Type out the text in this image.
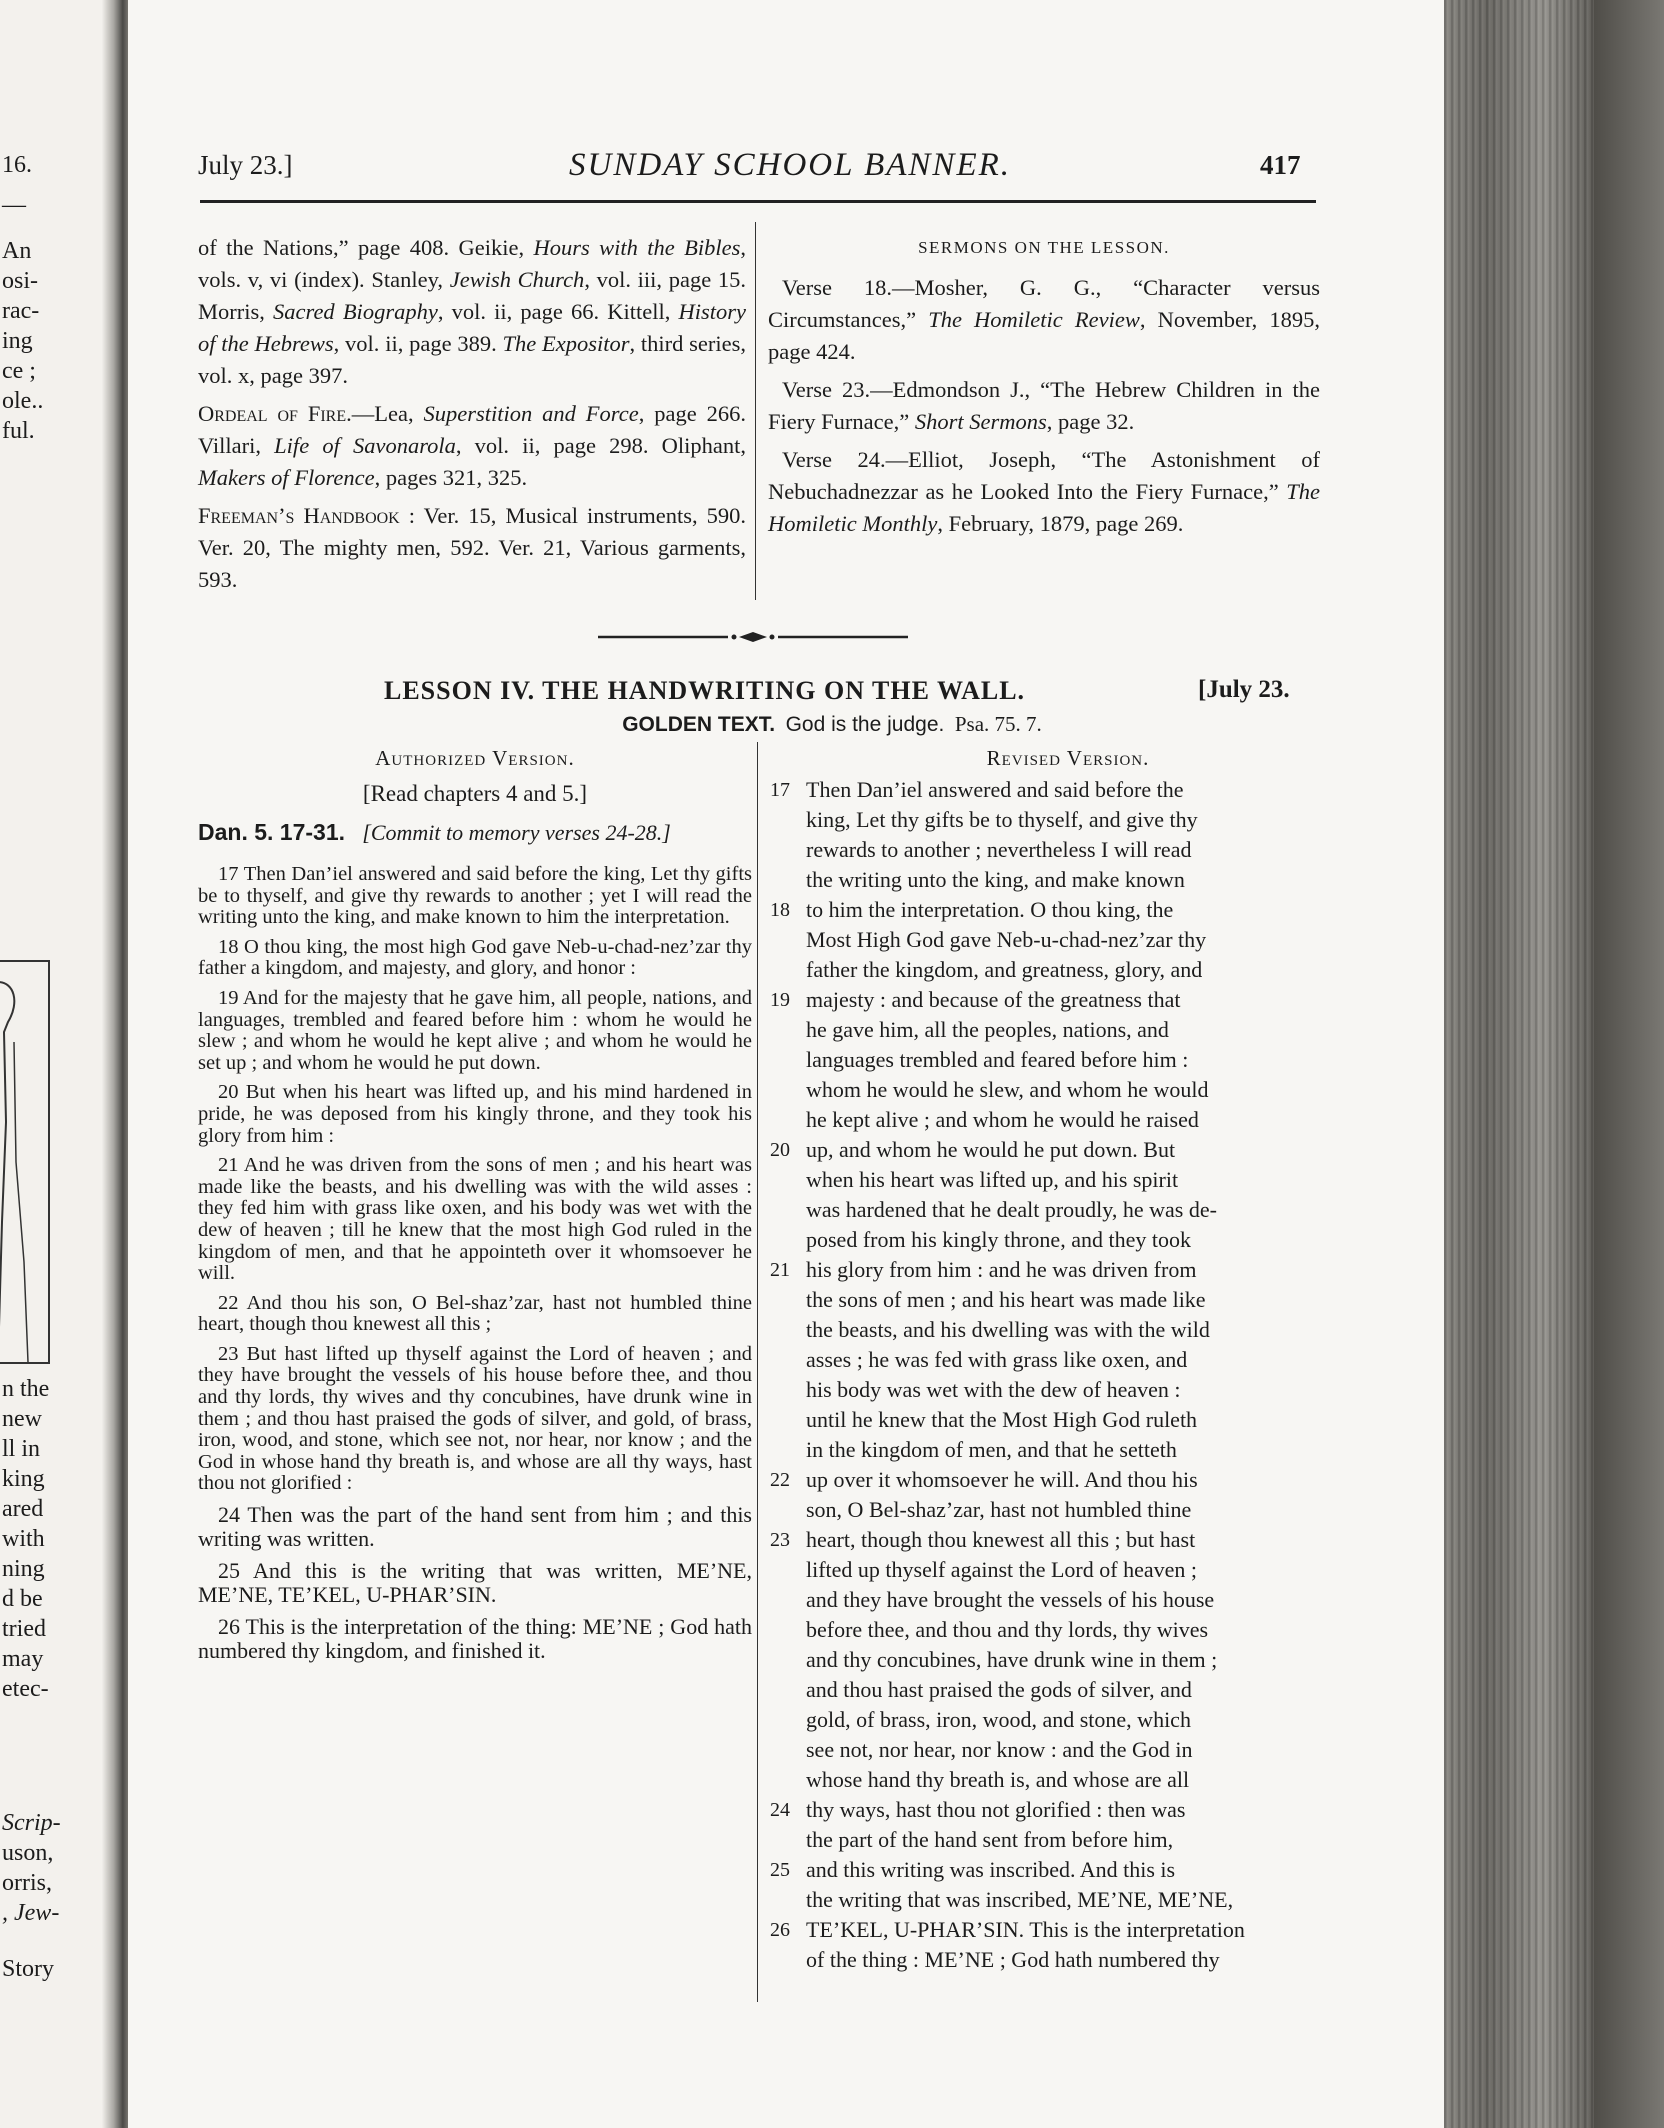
16.
—
An
osi-
rac-
ing
ce ;
ole..
ful.
n the
new
ll in
king
ared
with
ning
d be
tried
may
etec-
Scrip-
uson,
orris,
, Jew-
Story
July 23.]	SUNDAY SCHOOL BANNER.	417

of the Nations,” page 408. Geikie, Hours with the Bibles, vols. v, vi (index). Stanley, Jewish Church, vol. iii, page 15. Morris, Sacred Biography, vol. ii, page 66. Kittell, History of the Hebrews, vol. ii, page 389. The Expositor, third series, vol. x, page 397.

Ordeal of Fire.—Lea, Superstition and Force, page 266. Villari, Life of Savonarola, vol. ii, page 298. Oliphant, Makers of Florence, pages 321, 325.

Freeman’s Handbook : Ver. 15, Musical instruments, 590. Ver. 20, The mighty men, 592. Ver. 21, Various garments, 593.

SERMONS ON THE LESSON.

Verse 18.—Mosher, G. G., “Character versus Circumstances,” The Homiletic Review, November, 1895, page 424.

Verse 23.—Edmondson J., “The Hebrew Children in the Fiery Furnace,” Short Sermons, page 32.

Verse 24.—Elliot, Joseph, “The Astonishment of Nebuchadnezzar as he Looked Into the Fiery Furnace,” The Homiletic Monthly, February, 1879, page 269.

LESSON IV. THE HANDWRITING ON THE WALL.	[July 23.
GOLDEN TEXT. God is the judge. Psa. 75. 7.
Authorized Version.
[Read chapters 4 and 5.]
Dan. 5. 17-31. [Commit to memory verses 24-28.]

17 Then Dan’iel answered and said before the king, Let thy gifts be to thyself, and give thy rewards to another ; yet I will read the writing unto the king, and make known to him the interpretation.

18 O thou king, the most high God gave Neb-u-chad-nez’zar thy father a kingdom, and majesty, and glory, and honor :

19 And for the majesty that he gave him, all people, nations, and languages, trembled and feared before him : whom he would he slew ; and whom he would he kept alive ; and whom he would he set up ; and whom he would he put down.

20 But when his heart was lifted up, and his mind hardened in pride, he was deposed from his kingly throne, and they took his glory from him :

21 And he was driven from the sons of men ; and his heart was made like the beasts, and his dwelling was with the wild asses : they fed him with grass like oxen, and his body was wet with the dew of heaven ; till he knew that the most high God ruled in the kingdom of men, and that he appointeth over it whomsoever he will.

22 And thou his son, O Bel-shaz’zar, hast not humbled thine heart, though thou knewest all this ;

23 But hast lifted up thyself against the Lord of heaven ; and they have brought the vessels of his house before thee, and thou and thy lords, thy wives and thy concubines, have drunk wine in them ; and thou hast praised the gods of silver, and gold, of brass, iron, wood, and stone, which see not, nor hear, nor know ; and the God in whose hand thy breath is, and whose are all thy ways, hast thou not glorified :

24 Then was the part of the hand sent from him ; and this writing was written.

25 And this is the writing that was written, ME’NE, ME’NE, TE’KEL, U-PHAR’SIN.

26 This is the interpretation of the thing: ME’NE ; God hath numbered thy kingdom, and finished it.

Revised Version.
17 Then Dan’iel answered and said before the
king, Let thy gifts be to thyself, and give thy
rewards to another ; nevertheless I will read
the writing unto the king, and make known
18 to him the interpretation. O thou king, the
Most High God gave Neb-u-chad-nez’zar thy
father the kingdom, and greatness, glory, and
19 majesty : and because of the greatness that
he gave him, all the peoples, nations, and
languages trembled and feared before him :
whom he would he slew, and whom he would
he kept alive ; and whom he would he raised
20 up, and whom he would he put down. But
when his heart was lifted up, and his spirit
was hardened that he dealt proudly, he was de-
posed from his kingly throne, and they took
21 his glory from him : and he was driven from
the sons of men ; and his heart was made like
the beasts, and his dwelling was with the wild
asses ; he was fed with grass like oxen, and
his body was wet with the dew of heaven :
until he knew that the Most High God ruleth
in the kingdom of men, and that he setteth
22 up over it whomsoever he will. And thou his
son, O Bel-shaz’zar, hast not humbled thine
23 heart, though thou knewest all this ; but hast
lifted up thyself against the Lord of heaven ;
and they have brought the vessels of his house
before thee, and thou and thy lords, thy wives
and thy concubines, have drunk wine in them ;
and thou hast praised the gods of silver, and
gold, of brass, iron, wood, and stone, which
see not, nor hear, nor know : and the God in
whose hand thy breath is, and whose are all
24 thy ways, hast thou not glorified : then was
the part of the hand sent from before him,
25 and this writing was inscribed. And this is
the writing that was inscribed, ME’NE, ME’NE,
26 TE’KEL, U-PHAR’SIN. This is the interpretation
of the thing : ME’NE ; God hath numbered thy
